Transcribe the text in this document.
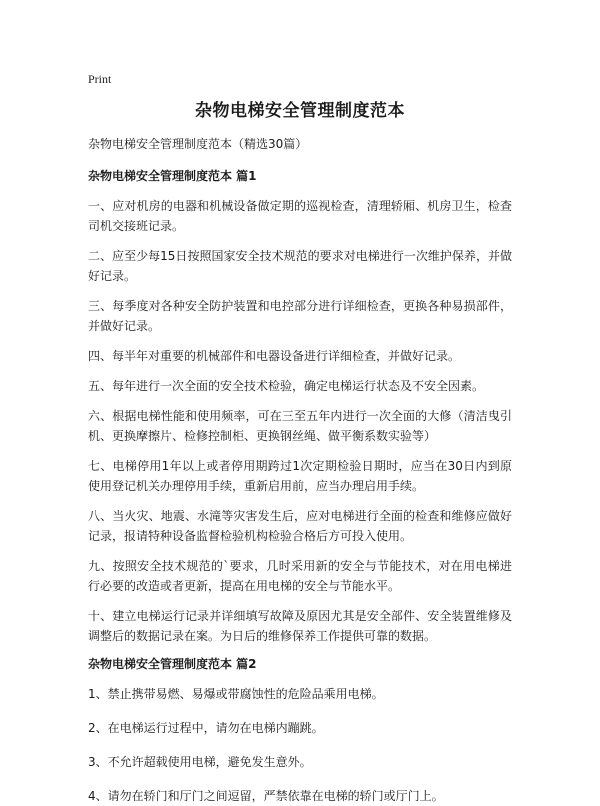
Print
杂物电梯安全管理制度范本

杂物电梯安全管理制度范本（精选30篇）

杂物电梯安全管理制度范本 篇1

一、应对机房的电器和机械设备做定期的巡视检查，清理轿厢、机房卫生，检查司机交接班记录。

二、应至少每15日按照国家安全技术规范的要求对电梯进行一次维护保养，并做好记录。

三、每季度对各种安全防护装置和电控部分进行详细检查，更换各种易损部件，并做好记录。

四、每半年对重要的机械部件和电器设备进行详细检查，并做好记录。

五、每年进行一次全面的安全技术检验，确定电梯运行状态及不安全因素。

六、根据电梯性能和使用频率，可在三至五年内进行一次全面的大修（清洁曳引机、更换摩擦片、检修控制柜、更换钢丝绳、做平衡系数实验等）

七、电梯停用1年以上或者停用期跨过1次定期检验日期时，应当在30日内到原使用登记机关办理停用手续，重新启用前，应当办理启用手续。

八、当火灾、地震、水滝等灾害发生后，应对电梯进行全面的检查和维修应做好记录，报请特种设备监督检验机构检验合格后方可投入使用。

九、按照安全技术规范的`要求，几时采用新的安全与节能技术，对在用电梯进行必要的改造或者更新，提高在用电梯的安全与节能水平。

十、建立电梯运行记录并详细填写故障及原因尤其是安全部件、安全装置维修及调整后的数据记录在案。为日后的维修保养工作提供可靠的数据。

杂物电梯安全管理制度范本 篇2

1、禁止携带易燃、易爆或带腐蚀性的危险品乘用电梯。

2、在电梯运行过程中，请勿在电梯内蹦跳。

3、不允许超载使用电梯，避免发生意外。

4、请勿在轿门和厅门之间逗留，严禁依靠在电梯的轿门或厅门上。
